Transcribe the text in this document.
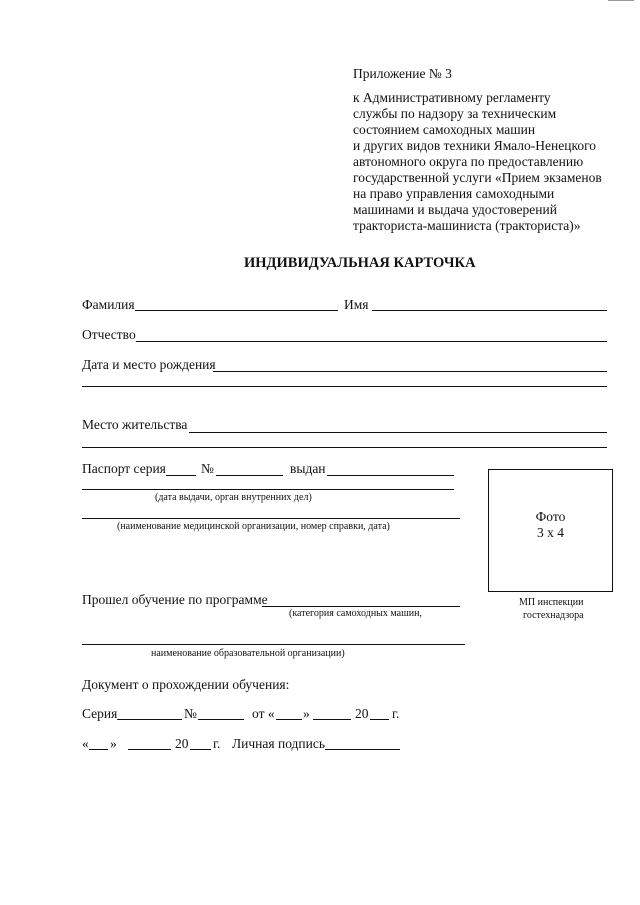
Приложение № 3
к Административному регламенту
службы по надзору за техническим
состоянием самоходных машин
и других видов техники Ямало-Ненецкого
автономного округа по предоставлению
государственной услуги «Прием экзаменов
на право управления самоходными
машинами и выдача удостоверений
тракториста-машиниста (тракториста)»
ИНДИВИДУАЛЬНАЯ КАРТОЧКА
Фамилия	Имя
Отчество
Дата и место рождения
Место жительства
Паспорт серия	№	выдан
(дата выдачи, орган внутренних дел)
(наименование медицинской организации, номер справки, дата)
Фото
3 х 4
Прошел обучение по программе
(категория самоходных машин,
наименование образовательной организации)
МП инспекции
гостехнадзора
Документ о прохождении обучения:
Серия	№	от « »	20 г.
« »	20 г. Личная подпись
